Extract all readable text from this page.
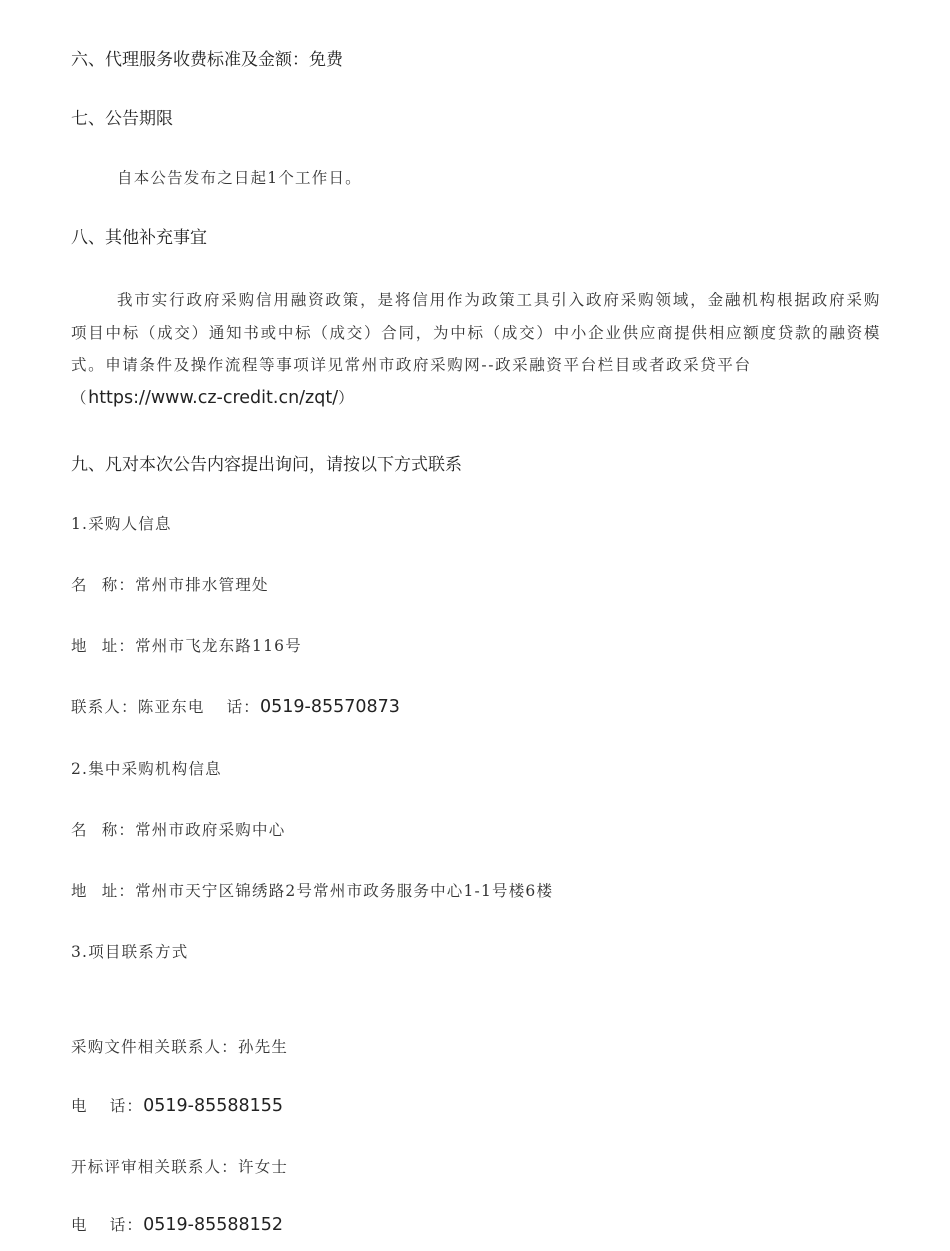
六、代理服务收费标准及金额：免费
七、公告期限
自本公告发布之日起1个工作日。
八、其他补充事宜
我市实行政府采购信用融资政策，是将信用作为政策工具引入政府采购领域，金融机构根据政府采购项目中标（成交）通知书或中标（成交）合同，为中标（成交）中小企业供应商提供相应额度贷款的融资模式。申请条件及操作流程等事项详见常州市政府采购网--政采融资平台栏目或者政采贷平台
（https://www.cz-credit.cn/zqt/）
九、凡对本次公告内容提出询问，请按以下方式联系
1.采购人信息
名 称：常州市排水管理处
地 址：常州市飞龙东路116号
联系人：陈亚东电 话：0519-85570873
2.集中采购机构信息
名 称：常州市政府采购中心
地 址：常州市天宁区锦绣路2号常州市政务服务中心1-1号楼6楼
3.项目联系方式
采购文件相关联系人：孙先生
电 话：0519-85588155
开标评审相关联系人：许女士
电 话：0519-85588152
